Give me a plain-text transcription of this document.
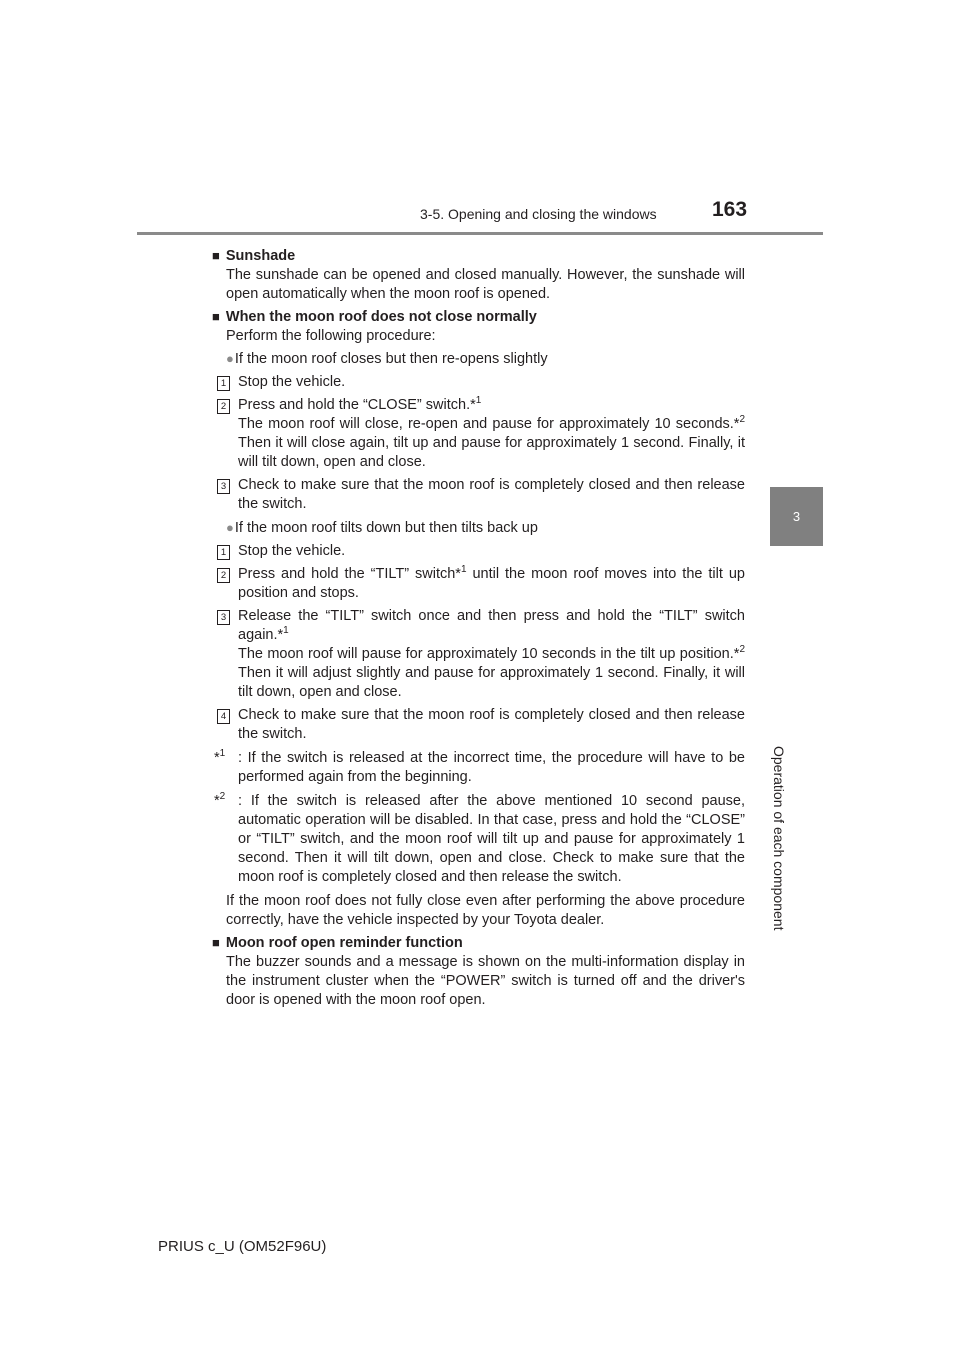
3-5. Opening and closing the windows	163
3
Operation of each component
■ Sunshade
The sunshade can be opened and closed manually. However, the sunshade will open automatically when the moon roof is opened.
■ When the moon roof does not close normally
Perform the following procedure:
●If the moon roof closes but then re-opens slightly
1 Stop the vehicle.
2 Press and hold the “CLOSE” switch.*$^1$
The moon roof will close, re-open and pause for approximately 10 seconds.*$^2$ Then it will close again, tilt up and pause for approximately 1 second. Finally, it will tilt down, open and close.
3 Check to make sure that the moon roof is completely closed and then release the switch.
●If the moon roof tilts down but then tilts back up
1 Stop the vehicle.
2 Press and hold the “TILT” switch*$^1$ until the moon roof moves into the tilt up position and stops.
3 Release the “TILT” switch once and then press and hold the “TILT” switch again.*$^1$
The moon roof will pause for approximately 10 seconds in the tilt up position.*$^2$ Then it will adjust slightly and pause for approximately 1 second. Finally, it will tilt down, open and close.
4 Check to make sure that the moon roof is completely closed and then release the switch.
*$^1$ : If the switch is released at the incorrect time, the procedure will have to be performed again from the beginning.
*$^2$ : If the switch is released after the above mentioned 10 second pause, automatic operation will be disabled. In that case, press and hold the “CLOSE” or “TILT” switch, and the moon roof will tilt up and pause for approximately 1 second. Then it will tilt down, open and close. Check to make sure that the moon roof is completely closed and then release the switch.
If the moon roof does not fully close even after performing the above procedure correctly, have the vehicle inspected by your Toyota dealer.
■ Moon roof open reminder function
The buzzer sounds and a message is shown on the multi-information display in the instrument cluster when the “POWER” switch is turned off and the driver's door is opened with the moon roof open.
PRIUS c_U (OM52F96U)
